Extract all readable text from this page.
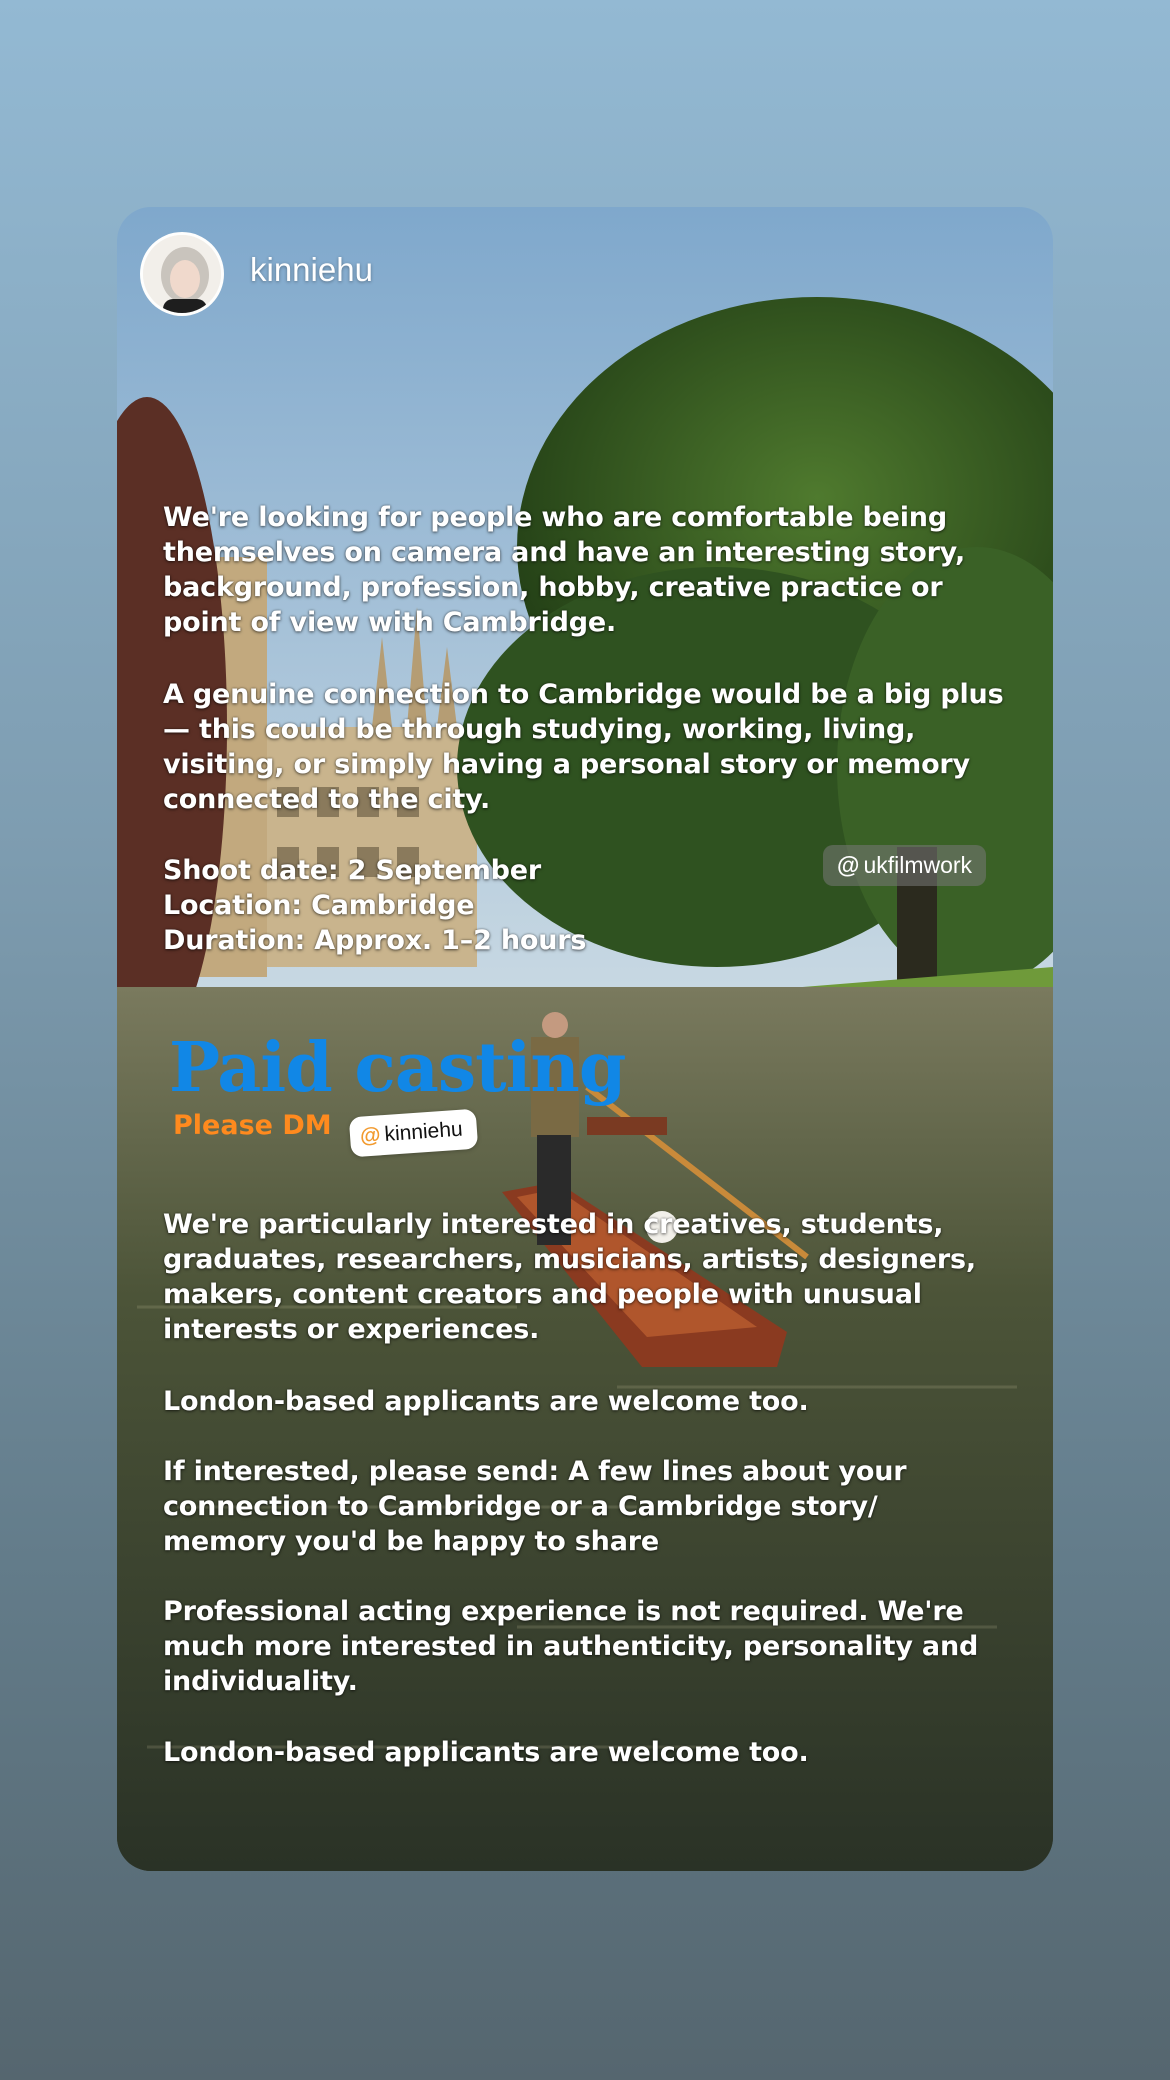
kinniehu

We're looking for people who are comfortable being
themselves on camera and have an interesting story,
background, profession, hobby, creative practice or
point of view with Cambridge.

A genuine connection to Cambridge would be a big plus
— this could be through studying, working, living,
visiting, or simply having a personal story or memory
connected to the city.

Shoot date: 2 September
Location: Cambridge
Duration: Approx. 1–2 hours

@ ukfilmwork
Paid casting
Please DM @ kinniehu

We're particularly interested in creatives, students,
graduates, researchers, musicians, artists, designers,
makers, content creators and people with unusual
interests or experiences.

London-based applicants are welcome too.

If interested, please send: A few lines about your
connection to Cambridge or a Cambridge story/
memory you'd be happy to share

Professional acting experience is not required. We're
much more interested in authenticity, personality and
individuality.

London-based applicants are welcome too.
